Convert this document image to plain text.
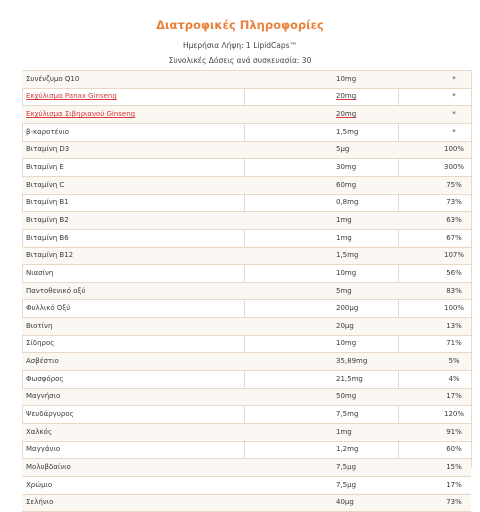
Διατροφικές Πληροφορίες
Ημερήσια Λήψη: 1 LipidCaps™
Συνολικές Δόσεις ανά συσκευασία: 30
Συνένζυμο Q10	10mg	*
Εκχύλισμα Panax Ginseng	20mg	*
Εκχύλισμα Σιβηριανού Ginseng	20mg	*
β-καροτένιο	1,5mg	*
Βιταμίνη D3	5μg	100%
Βιταμίνη Ε	30mg	300%
Βιταμίνη C	60mg	75%
Βιταμίνη Β1	0,8mg	73%
Βιταμίνη Β2	1mg	63%
Βιταμίνη Β6	1mg	67%
Βιταμίνη Β12	1,5mg	107%
Νιασίνη	10mg	56%
Παντοθενικό οξύ	5mg	83%
Φυλλικό Οξύ	200μg	100%
Βιοτίνη	20μg	13%
Σίδηρος	10mg	71%
Ασβέστιο	35,89mg	5%
Φωσφόρος	21,5mg	4%
Μαγνήσιο	50mg	17%
Ψευδάργυρος	7,5mg	120%
Χαλκός	1mg	91%
Μαγγάνιο	1,2mg	60%
Μολυβδαίνιο	7,5μg	15%
Χρώμιο	7,5μg	17%
Σελήνιο	40μg	73%
